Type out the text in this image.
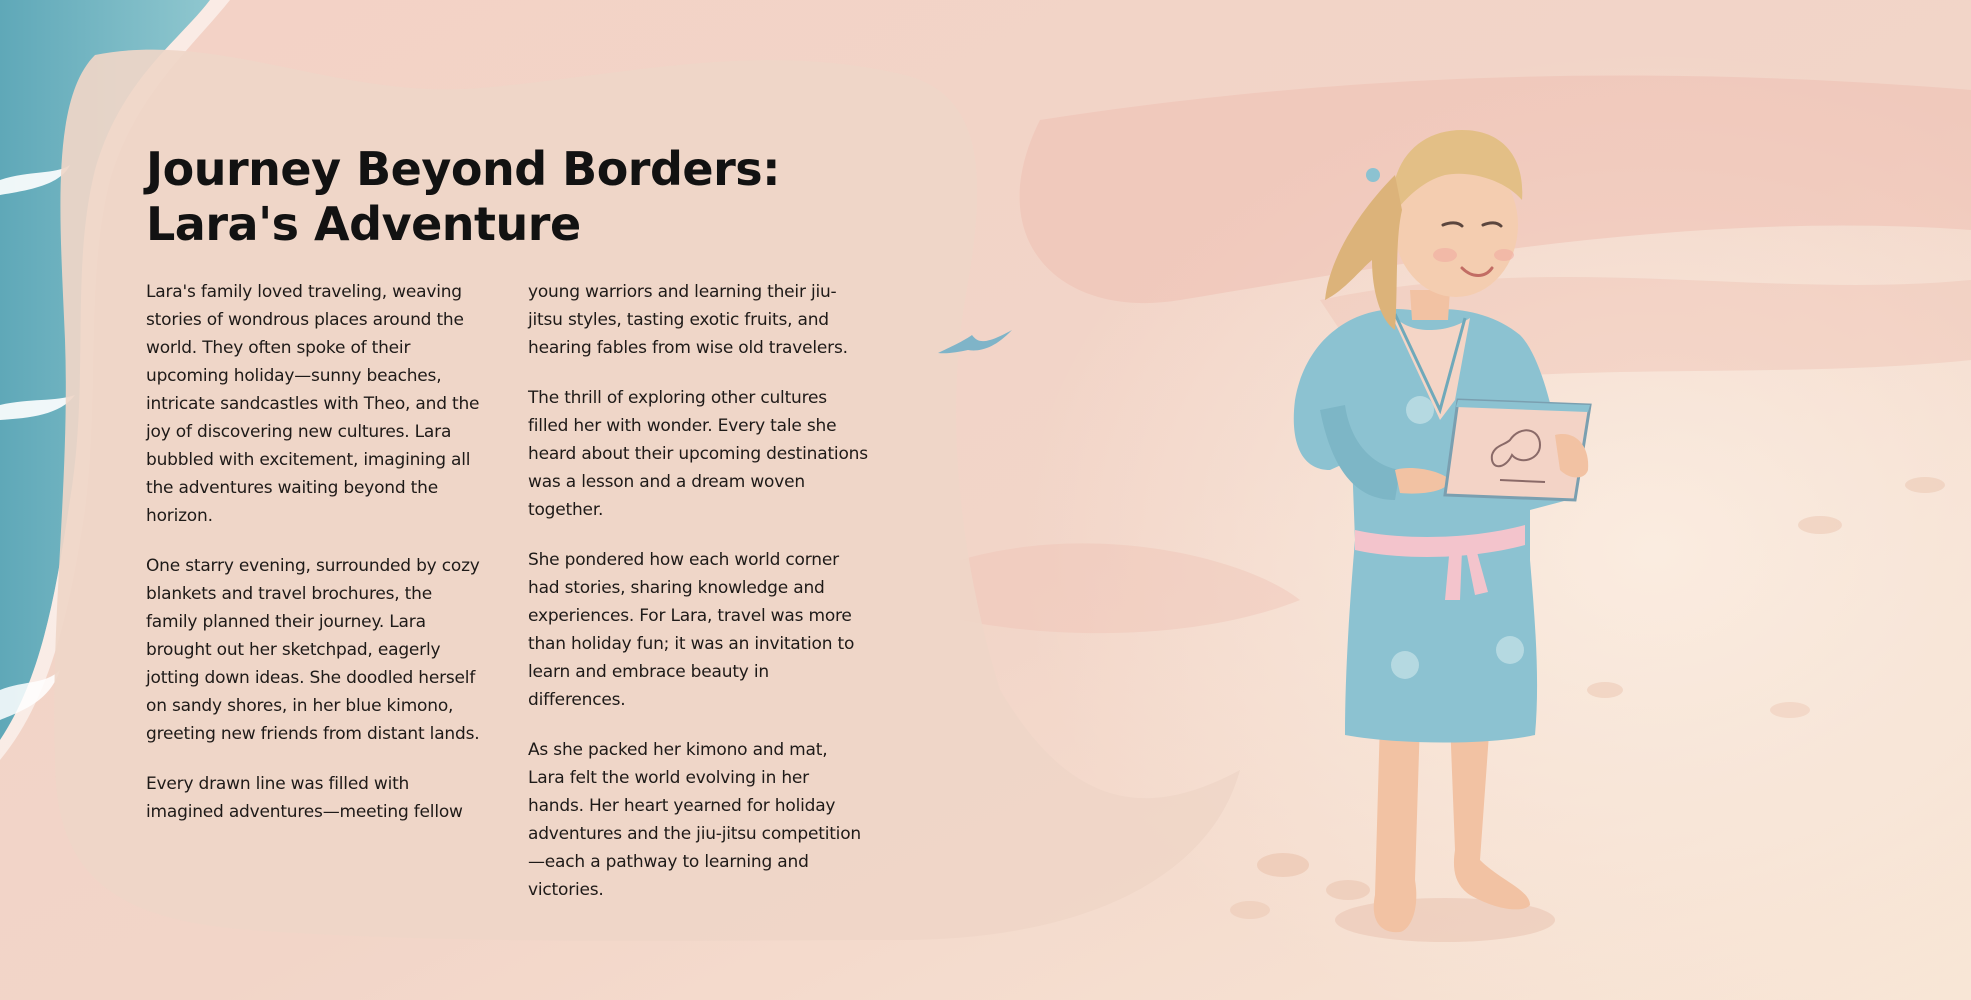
Journey Beyond Borders: Lara's Adventure

Lara's family loved traveling, weaving stories of wondrous places around the world. They often spoke of their upcoming holiday—sunny beaches, intricate sandcastles with Theo, and the joy of discovering new cultures. Lara bubbled with excitement, imagining all the adventures waiting beyond the horizon.

One starry evening, surrounded by cozy blankets and travel brochures, the family planned their journey. Lara brought out her sketchpad, eagerly jotting down ideas. She doodled herself on sandy shores, in her blue kimono, greeting new friends from distant lands.

Every drawn line was filled with imagined adventures—meeting fellow

young warriors and learning their jiu-jitsu styles, tasting exotic fruits, and hearing fables from wise old travelers.

The thrill of exploring other cultures filled her with wonder. Every tale she heard about their upcoming destinations was a lesson and a dream woven together.

She pondered how each world corner had stories, sharing knowledge and experiences. For Lara, travel was more than holiday fun; it was an invitation to learn and embrace beauty in differences.

As she packed her kimono and mat, Lara felt the world evolving in her hands. Her heart yearned for holiday adventures and the jiu-jitsu competition—each a pathway to learning and victories.
